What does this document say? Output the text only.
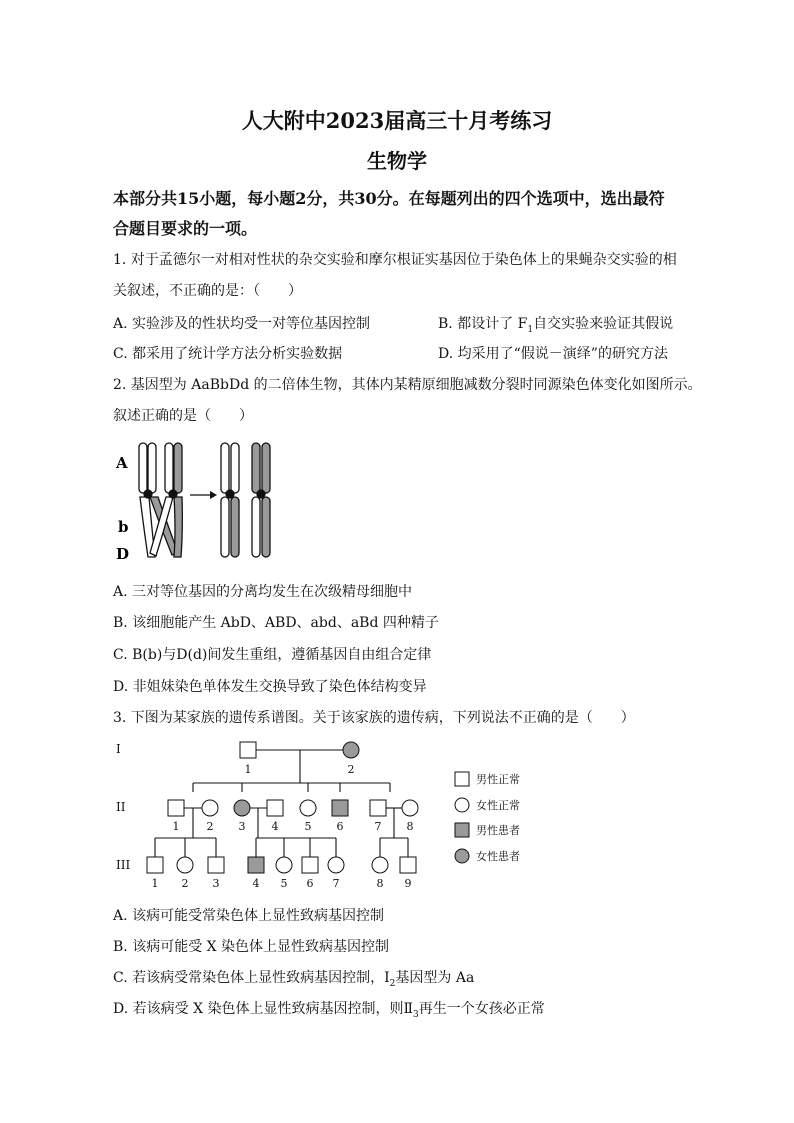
人大附中2023届高三十月考练习
生物学
本部分共15小题，每小题2分，共30分。在每题列出的四个选项中，选出最符
合题目要求的一项。
1. 对于孟德尔一对相对性状的杂交实验和摩尔根证实基因位于染色体上的果蝇杂交实验的相
关叙述，不正确的是：（　　）
A. 实验涉及的性状均受一对等位基因控制	B. 都设计了 $F_1$自交实验来验证其假说
C. 都采用了统计学方法分析实验数据	D. 均采用了“假说－演绎”的研究方法
2. 基因型为 AaBbDd 的二倍体生物，其体内某精原细胞减数分裂时同源染色体变化如图所示。
叙述正确的是（　　）
A
b
D
A. 三对等位基因的分离均发生在次级精母细胞中
B. 该细胞能产生 AbD、ABD、abd、aBd 四种精子
C. B(b)与D(d)间发生重组，遵循基因自由组合定律
D. 非姐妹染色单体发生交换导致了染色体结构变异
3. 下图为某家族的遗传系谱图。关于该家族的遗传病，下列说法不正确的是（　　）
I
II
III
1	2
1 2 3 4 5 6	7 8
1 2 3	4 5 6 7	8 9
男性正常
女性正常
男性患者
女性患者
A. 该病可能受常染色体上显性致病基因控制
B. 该病可能受 X 染色体上显性致病基因控制
C. 若该病受常染色体上显性致病基因控制，$Ⅰ_2$基因型为 Aa
D. 若该病受 X 染色体上显性致病基因控制，则$Ⅱ_3$再生一个女孩必正常
